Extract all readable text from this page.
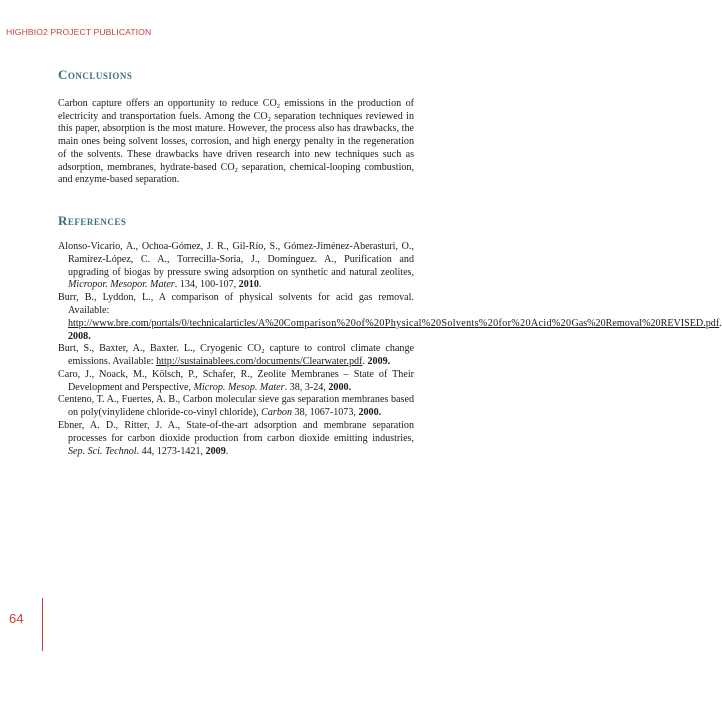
HIGHBIO2 PROJECT PUBLICATION
Conclusions

Carbon capture offers an opportunity to reduce $CO_2$ emissions in the production of electricity and transportation fuels. Among the $CO_2$ separation techniques reviewed in this paper, absorption is the most mature. However, the process also has drawbacks, the main ones being solvent losses, corrosion, and high energy penalty in the regeneration of the solvents. These drawbacks have driven research into new techniques such as adsorption, membranes, hydrate-based $CO_2$ separation, chemical-looping combustion, and enzyme-based separation.

References
Alonso-Vicario, A., Ochoa-Gómez, J. R., Gil-Río, S., Gómez-Jiménez-Aberasturi, O., Ramírez-López, C. A., Torrecilla-Soria, J., Domínguez. A., Purification and upgrading of biogas by pressure swing adsorption on synthetic and natural zeolites, Micropor. Mesopor. Mater. 134, 100-107, 2010.
Burr, B., Lyddon, L., A comparison of physical solvents for acid gas removal. Available: http://www.bre.com/portals/0/technicalarticles/A%20Comparison%20of%20Physical%20Solvents%20for%20Acid%20Gas%20Removal%20REVISED.pdf. 2008.
Burt, S., Baxter, A., Baxter. L., Cryogenic $CO_2$ capture to control climate change emissions. Available: http://sustainablees.com/documents/Clearwater.pdf. 2009.
Caro, J., Noack, M., Kölsch, P., Schafer, R., Zeolite Membranes – State of Their Development and Perspective, Microp. Mesop. Mater. 38, 3-24, 2000.
Centeno, T. A., Fuertes, A. B., Carbon molecular sieve gas separation membranes based on poly(vinylidene chloride-co-vinyl chloride), Carbon 38, 1067-1073, 2000.
Ebner, A. D., Ritter, J. A., State-of-the-art adsorption and membrane separation processes for carbon dioxide production from carbon dioxide emitting industries, Sep. Sci. Technol. 44, 1273-1421, 2009.
64
